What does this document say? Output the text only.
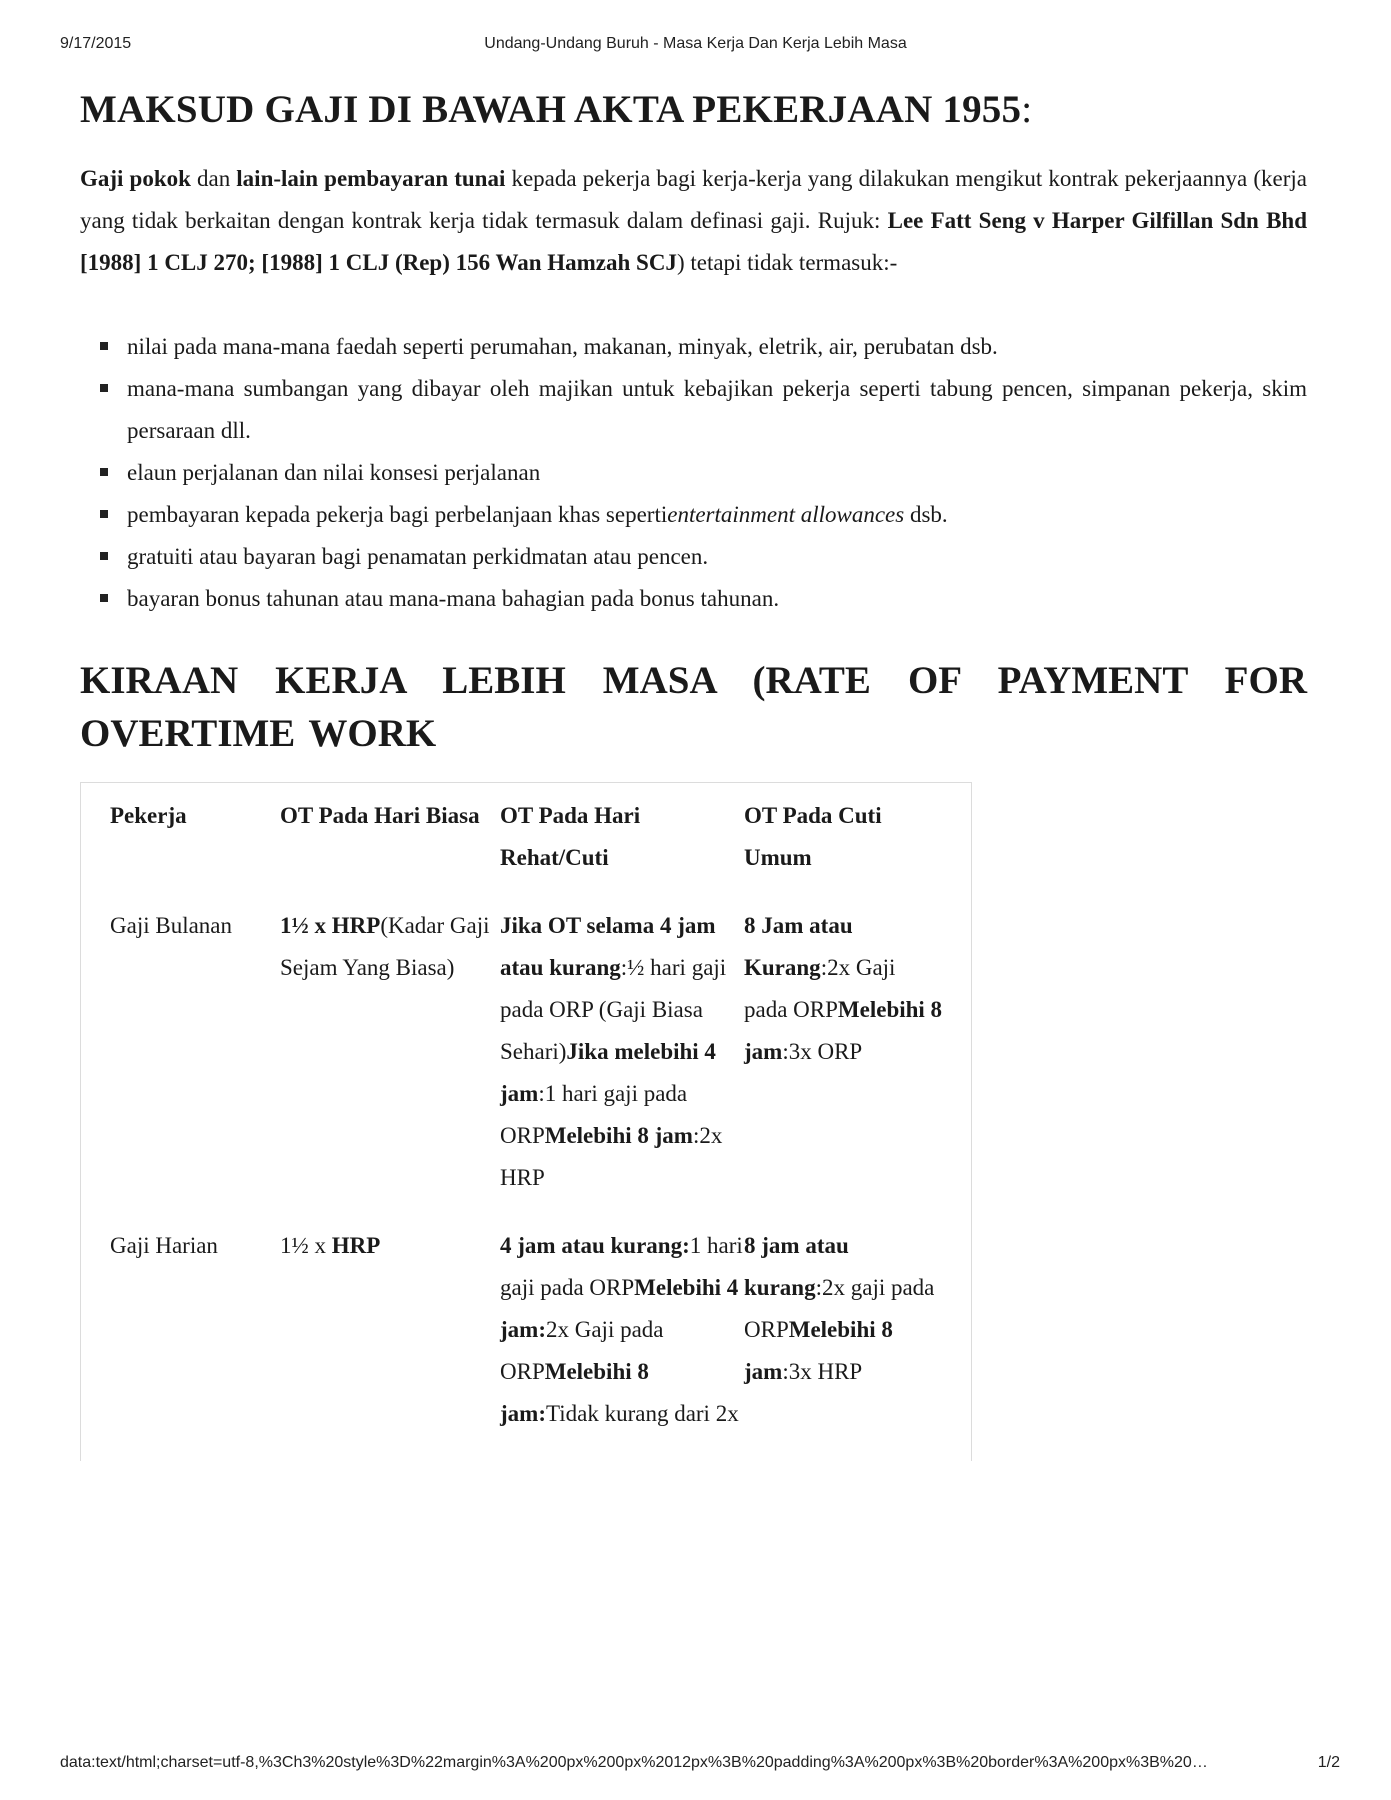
9/17/2015	Undang-Undang Buruh - Masa Kerja Dan Kerja Lebih Masa
MAKSUD GAJI DI BAWAH AKTA PEKERJAAN 1955:

Gaji pokok dan lain-lain pembayaran tunai kepada pekerja bagi kerja-kerja yang dilakukan mengikut kontrak pekerjaannya (kerja yang tidak berkaitan dengan kontrak kerja tidak termasuk dalam definasi gaji. Rujuk: Lee Fatt Seng v Harper Gilfillan Sdn Bhd [1988] 1 CLJ 270; [1988] 1 CLJ (Rep) 156 Wan Hamzah SCJ) tetapi tidak termasuk:-

nilai pada mana-mana faedah seperti perumahan, makanan, minyak, eletrik, air, perubatan dsb.
mana-mana sumbangan yang dibayar oleh majikan untuk kebajikan pekerja seperti tabung pencen, simpanan pekerja, skim persaraan dll.
elaun perjalanan dan nilai konsesi perjalanan
pembayaran kepada pekerja bagi perbelanjaan khas sepertientertainment allowances dsb.
gratuiti atau bayaran bagi penamatan perkidmatan atau pencen.
bayaran bonus tahunan atau mana-mana bahagian pada bonus tahunan.
KIRAAN KERJA LEBIH MASA (RATE OF PAYMENT FOR OVERTIME WORK
Pekerja	OT Pada Hari Biasa	OT Pada Hari Rehat/Cuti	OT Pada Cuti Umum
Gaji Bulanan	1½ x HRP(Kadar Gaji Sejam Yang Biasa)	Jika OT selama 4 jam atau kurang:½ hari gaji pada ORP (Gaji Biasa Sehari)Jika melebihi 4 jam:1 hari gaji pada ORPMelebihi 8 jam:2x HRP	8 Jam atau Kurang:2x Gaji pada ORPMelebihi 8 jam:3x ORP
Gaji Harian	1½ x HRP	4 jam atau kurang:1 hari gaji pada ORPMelebihi 4 jam:2x Gaji pada ORPMelebihi 8 jam:Tidak kurang dari 2x	8 jam atau kurang:2x gaji pada ORPMelebihi 8 jam:3x HRP
data:text/html;charset=utf-8,%3Ch3%20style%3D%22margin%3A%200px%200px%2012px%3B%20padding%3A%200px%3B%20border%3A%200px%3B%20…	1/2
